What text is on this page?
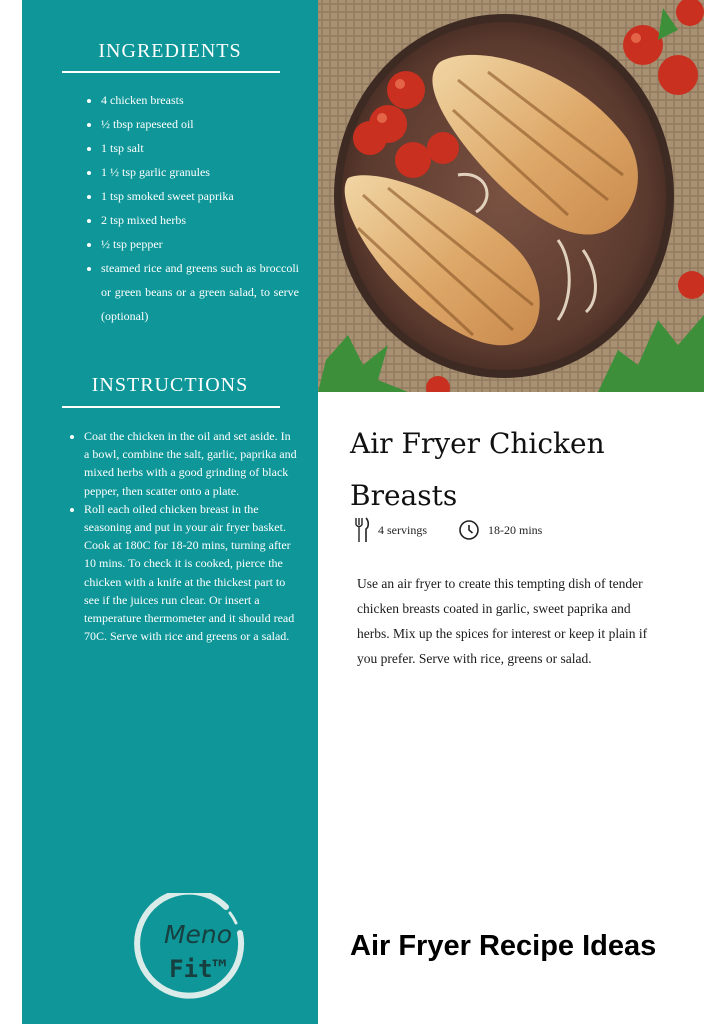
INGREDIENTS
• 4 chicken breasts
• ½ tbsp rapeseed oil
• 1 tsp salt
• 1 ½ tsp garlic granules
• 1 tsp smoked sweet paprika
• 2 tsp mixed herbs
• ½ tsp pepper
• steamed rice and greens such as broccoli or green beans or a green salad, to serve (optional)
INSTRUCTIONS
• Coat the chicken in the oil and set aside. In a bowl, combine the salt, garlic, paprika and mixed herbs with a good grinding of black pepper, then scatter onto a plate.
• Roll each oiled chicken breast in the seasoning and put in your air fryer basket. Cook at 180C for 18-20 mins, turning after 10 mins. To check it is cooked, pierce the chicken with a knife at the thickest part to see if the juices run clear. Or insert a temperature thermometer and it should read 70C. Serve with rice and greens or a salad.
Meno
Fit™
Air Fryer Chicken Breasts
4 servings	18-20 mins

Use an air fryer to create this tempting dish of tender chicken breasts coated in garlic, sweet paprika and herbs. Mix up the spices for interest or keep it plain if you prefer. Serve with rice, greens or salad.

Air Fryer Recipe Ideas
